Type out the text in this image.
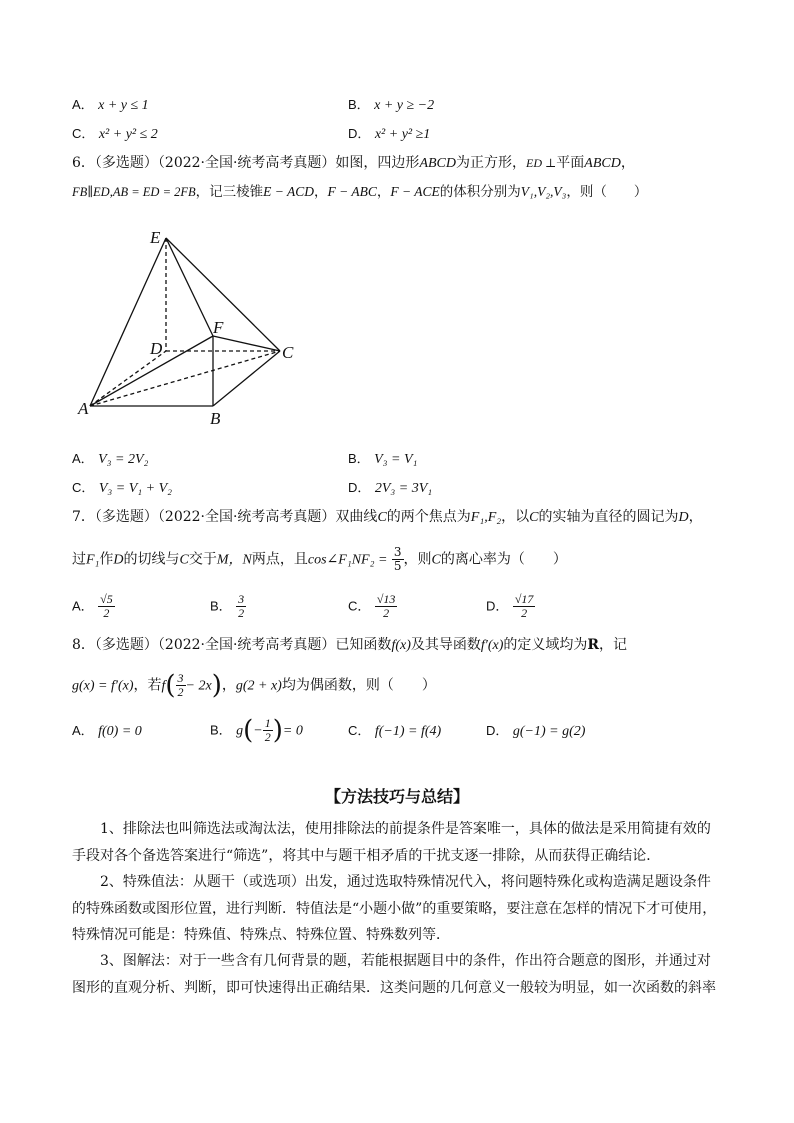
A． x + y ≤ 1	B． x + y ≥ −2
C． x² + y² ≤ 2	D． x² + y² ≥1
6．（多选题）（2022·全国·统考高考真题）如图，四边形ABCD为正方形，ED ⊥平面ABCD，
FB∥ED,AB = ED = 2FB，记三棱锥E − ACD，F − ABC，F − ACE的体积分别为V₁,V₂,V₃，则（　　）
E
F
D	C
A
B
A． V₃ = 2V₂	B． V₃ = V₁
C． V₃ = V₁ + V₂	D． 2V₃ = 3V₁
7．（多选题）（2022·全国·统考高考真题）双曲线C的两个焦点为F₁,F₂，以C的实轴为直径的圆记为D，
过F₁作D的切线与C交于M，N两点，且cos∠F₁NF₂ = $\frac{3}{5}$ ，则C的离心率为（　　）
A． $\frac{√5}{2}$	B． $\frac{3}{2}$	C． $\frac{√13}{2}$	D． $\frac{√17}{2}$
8．（多选题）（2022·全国·统考高考真题）已知函数f(x)及其导函数f′(x)的定义域均为R，记
g(x) = f′(x)，若$f( \frac{3}{2} - 2x)$，g(2 + x)均为偶函数，则（　　）
A． f(0) = 0	B． $g(- \frac{1}{2}$ )= 0	C． f(−1) = f(4)	D． g(−1) = g(2)
【方法技巧与总结】
1、排除法也叫筛选法或淘汰法，使用排除法的前提条件是答案唯一，具体的做法是采用简捷有效的手段对各个备选答案进行“筛选”，将其中与题干相矛盾的干扰支逐一排除，从而获得正确结论．
2、特殊值法：从题干（或选项）出发，通过选取特殊情况代入，将问题特殊化或构造满足题设条件的特殊函数或图形位置，进行判断．特值法是“小题小做”的重要策略，要注意在怎样的情况下才可使用，特殊情况可能是：特殊值、特殊点、特殊位置、特殊数列等．
3、图解法：对于一些含有几何背景的题，若能根据题目中的条件，作出符合题意的图形，并通过对图形的直观分析、判断，即可快速得出正确结果．这类问题的几何意义一般较为明显，如一次函数的斜率
